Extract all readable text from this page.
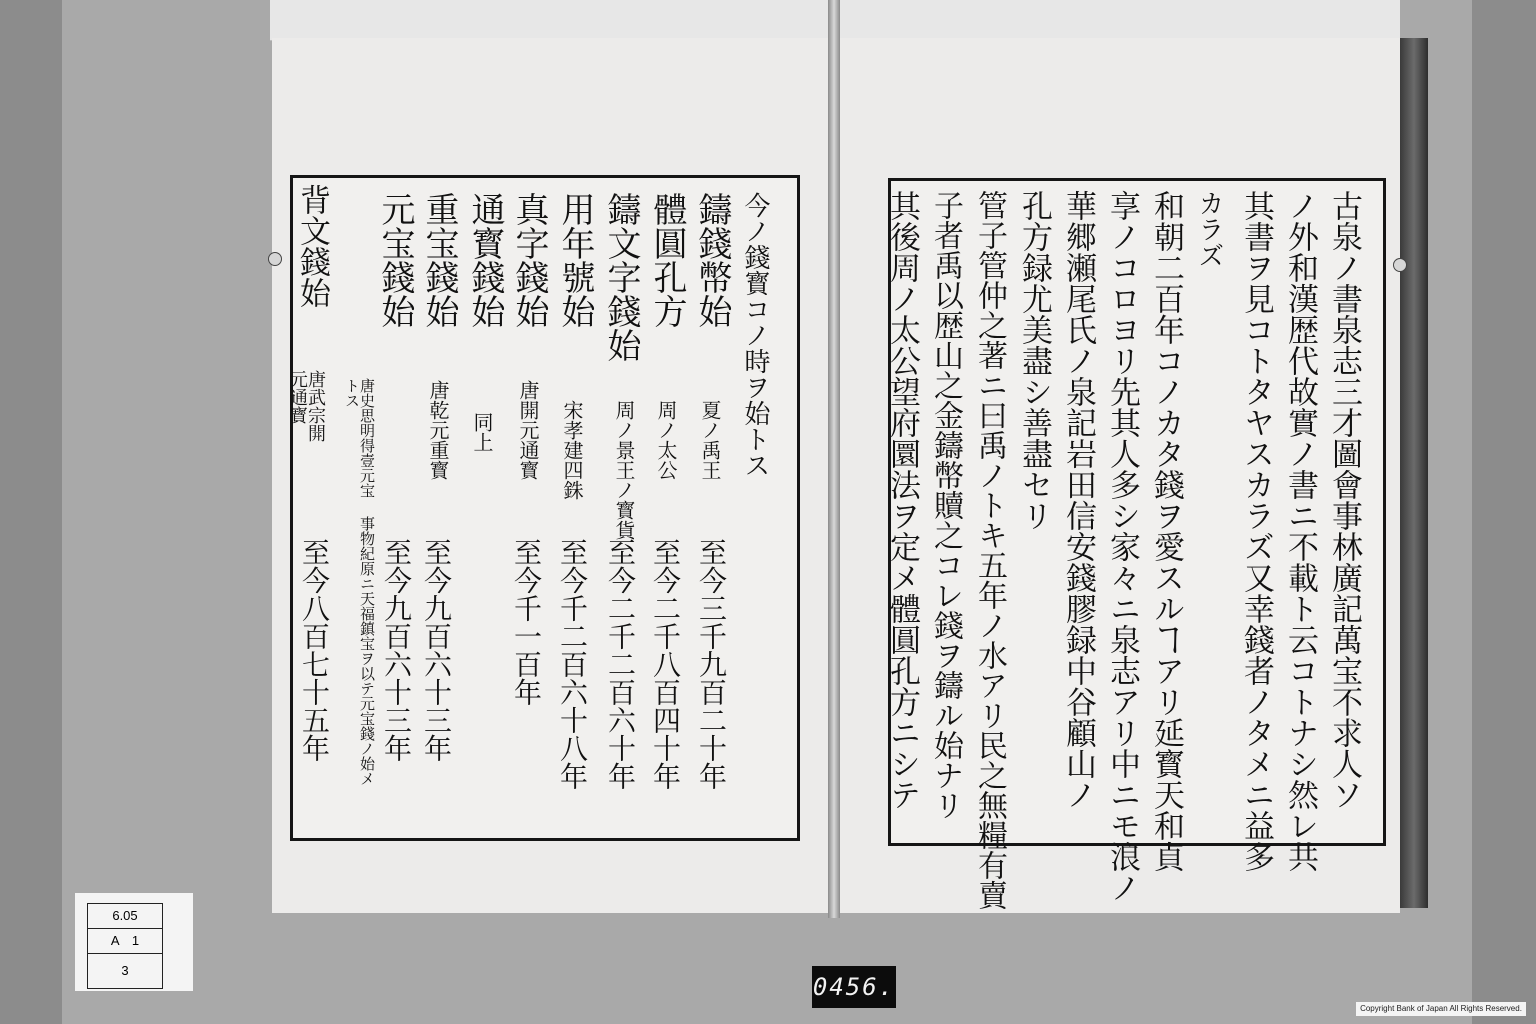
今ノ錢寳コノ時ヲ始トス
鑄錢幣始
夏ノ禹王
至今三千九百二十年
體圓孔方
周ノ太公
至今二千八百四十年
鑄文字錢始
周ノ景王ノ寳貨
至今二千二百六十年
用年號始
宋孝建四銖
至今千二百六十八年
真字錢始
唐開元通寳
至今千一百年
通寳錢始
同上
重宝錢始
唐乾元重寳
至今九百六十三年
元宝錢始
唐史思明得壹元宝 事物紀原ニ天福鎮宝ヲ以テ元宝錢ノ始メトス
至今九百六十三年
背文錢始
唐武宗開元通寳
至今八百七十五年	古泉ノ書泉志三才圖會事林廣記萬宝不求人ソ
ノ外和漢歴代故實ノ書ニ不載ト云コトナシ然レ共
其書ヲ見コトタヤスカラズ又幸錢者ノタメニ益多
カラズ
和朝二百年コノカタ錢ヲ愛スルヿアリ延寳天和貞
享ノコロヨリ先其人多シ家々ニ泉志アリ中ニモ浪ノ
華郷瀬尾氏ノ泉記岩田信安錢膠録中谷顧山ノ
孔方録尤美盡シ善盡セリ
管子管仲之著ニ曰禹ノトキ五年ノ水アリ民之無糧有賣
子者禹以歴山之金鑄幣贖之コレ錢ヲ鑄ル始ナリ
其後周ノ太公望府圜法ヲ定メ體圓孔方ニシテ
6.05
A　1
3
0456.
Copyright Bank of Japan All Rights Reserved.
